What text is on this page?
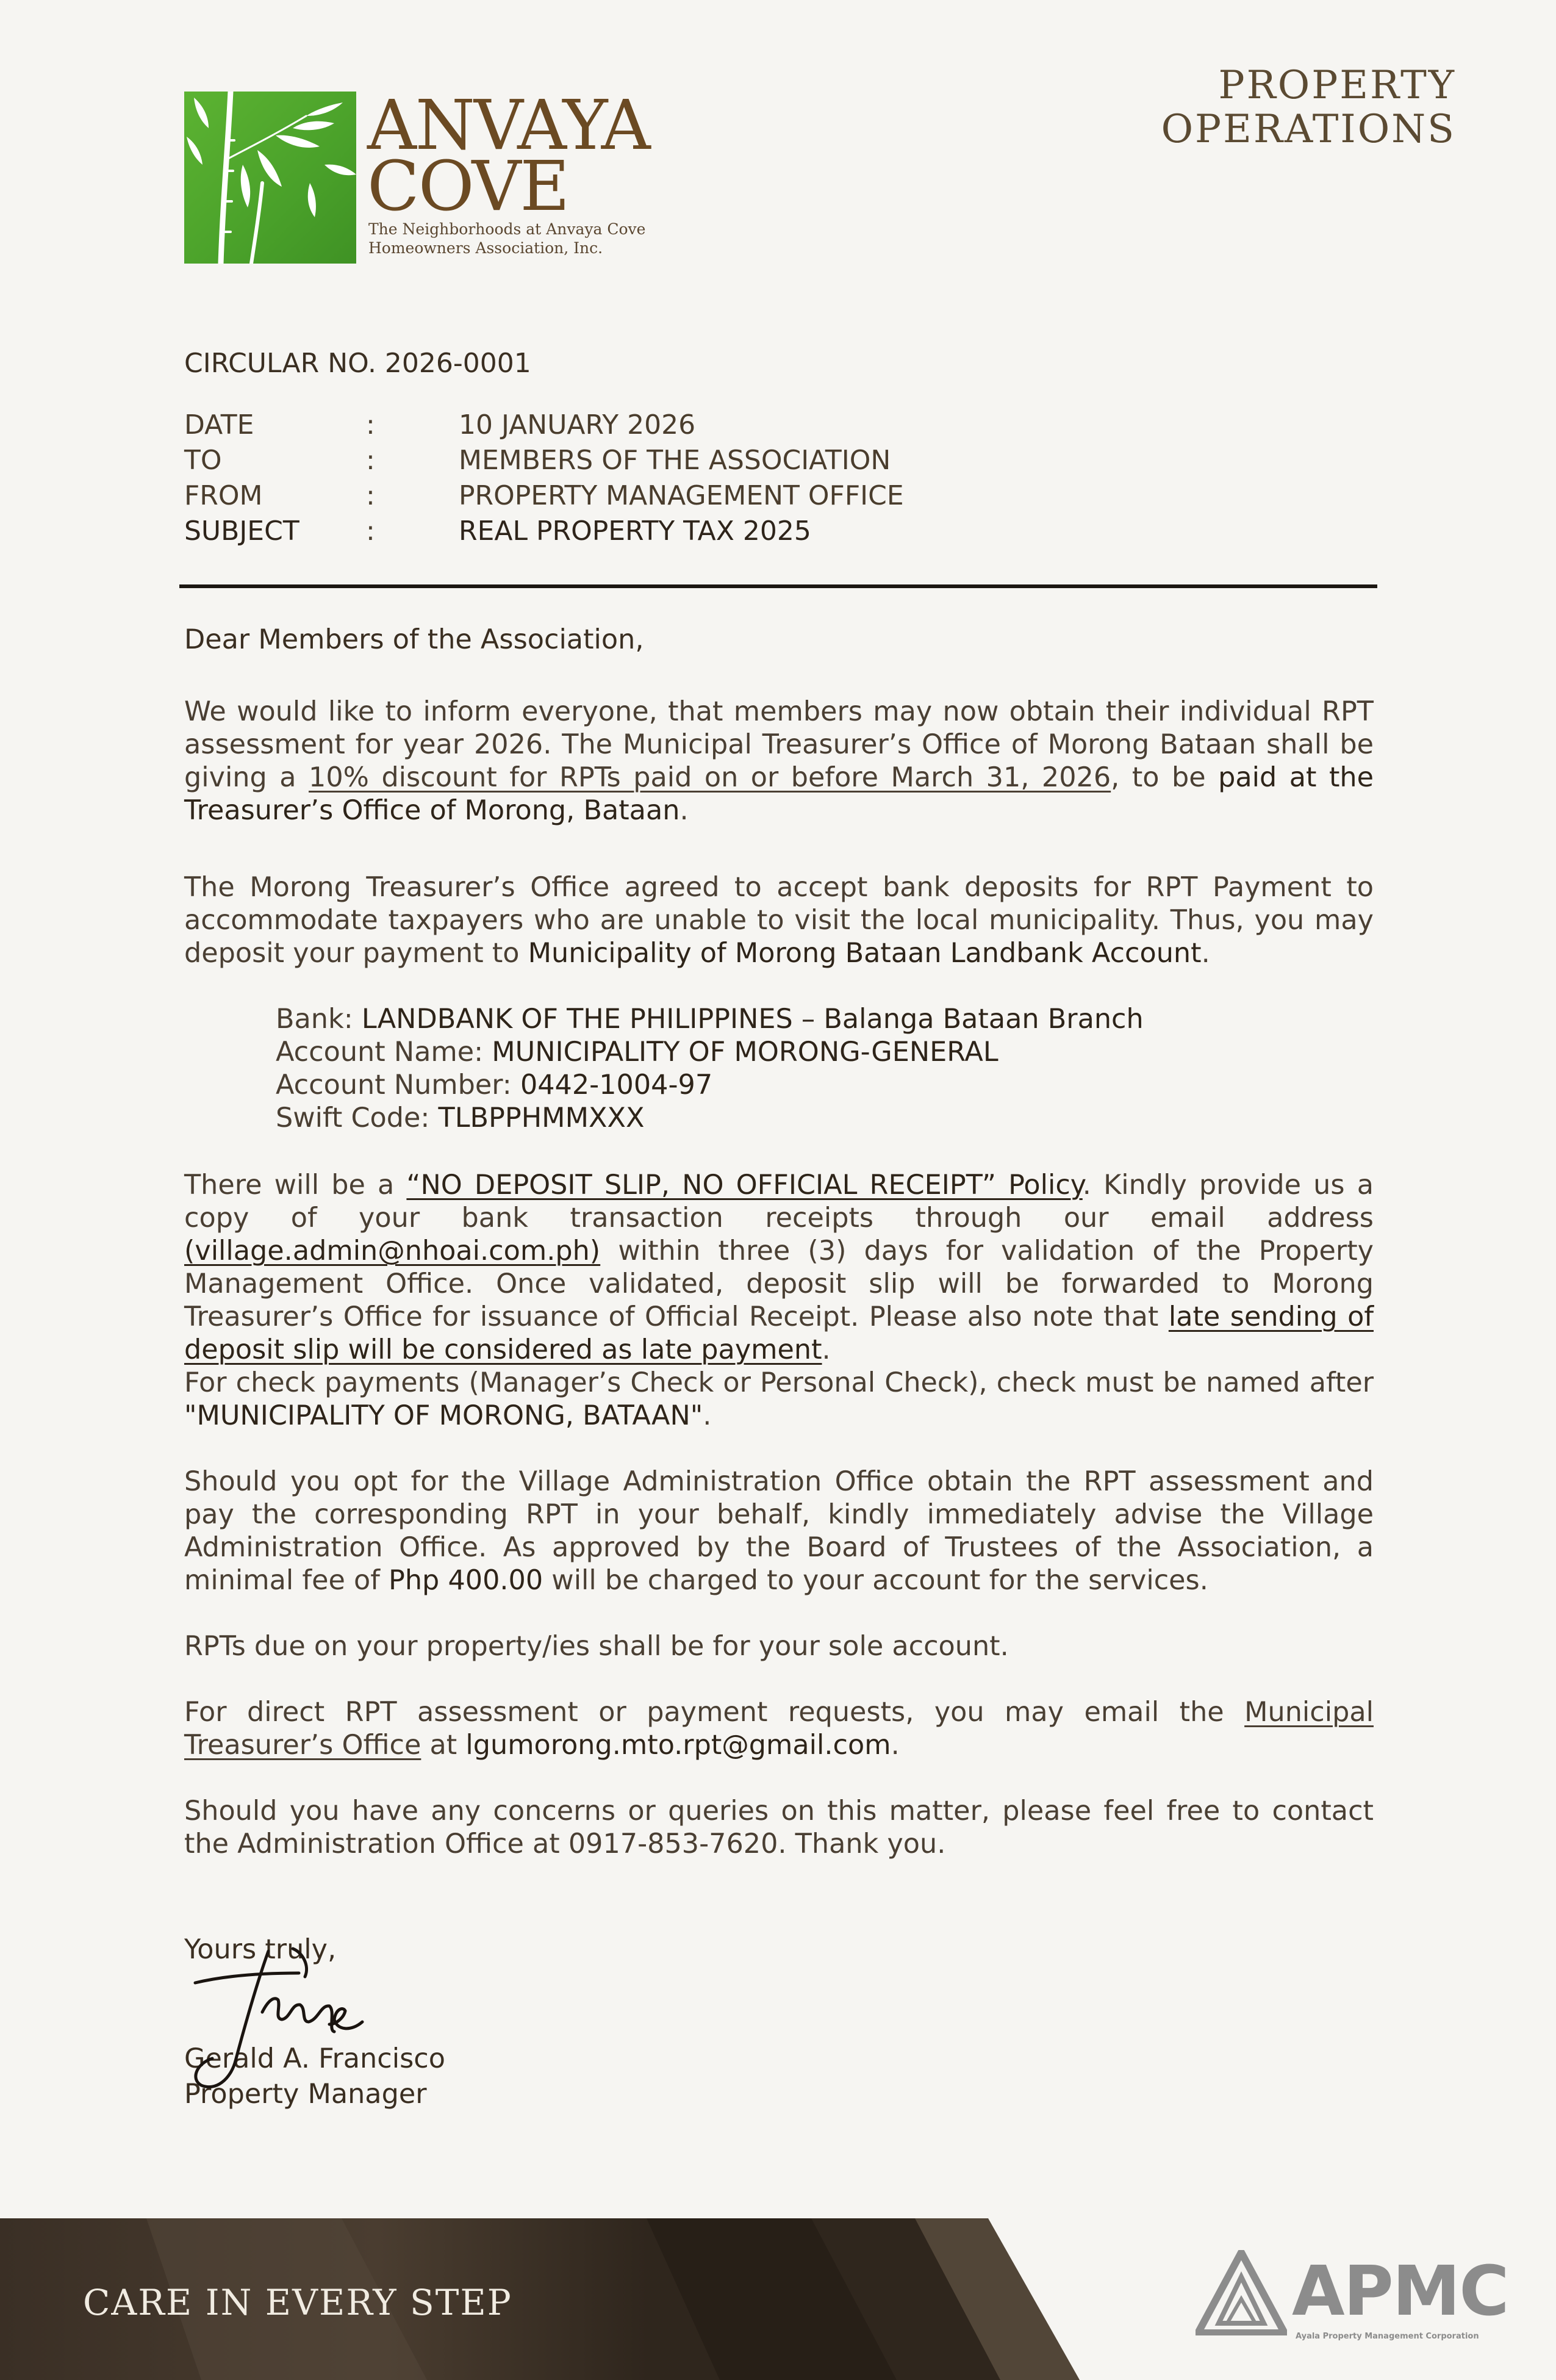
ANVAYA
COVE
The Neighborhoods at Anvaya Cove
Homeowners Association, Inc.
PROPERTY
OPERATIONS
CIRCULAR NO. 2026-0001
DATE	:	10 JANUARY 2026
TO	:	MEMBERS OF THE ASSOCIATION
FROM	:	PROPERTY MANAGEMENT OFFICE
SUBJECT :	REAL PROPERTY TAX 2025
Dear Members of the Association,
We would like to inform everyone, that members may now obtain their individual RPT assessment for year 2026. The Municipal Treasurer’s Office of Morong Bataan shall be giving a 10% discount for RPTs paid on or before March 31, 2026, to be paid at the Treasurer’s Office of Morong, Bataan.
The Morong Treasurer’s Office agreed to accept bank deposits for RPT Payment to accommodate taxpayers who are unable to visit the local municipality. Thus, you may deposit your payment to Municipality of Morong Bataan Landbank Account.
Bank: LANDBANK OF THE PHILIPPINES – Balanga Bataan Branch
Account Name: MUNICIPALITY OF MORONG-GENERAL
Account Number: 0442-1004-97
Swift Code: TLBPPHMMXXX
There will be a “NO DEPOSIT SLIP, NO OFFICIAL RECEIPT” Policy. Kindly provide us a copy of your bank transaction receipts through our email address (village.admin@nhoai.com.ph) within three (3) days for validation of the Property Management Office. Once validated, deposit slip will be forwarded to Morong Treasurer’s Office for issuance of Official Receipt. Please also note that late sending of deposit slip will be considered as late payment.
For check payments (Manager’s Check or Personal Check), check must be named after "MUNICIPALITY OF MORONG, BATAAN".
Should you opt for the Village Administration Office obtain the RPT assessment and pay the corresponding RPT in your behalf, kindly immediately advise the Village Administration Office. As approved by the Board of Trustees of the Association, a minimal fee of Php 400.00 will be charged to your account for the services.
RPTs due on your property/ies shall be for your sole account.
For direct RPT assessment or payment requests, you may email the Municipal Treasurer’s Office at lgumorong.mto.rpt@gmail.com.
Should you have any concerns or queries on this matter, please feel free to contact the Administration Office at 0917-853-7620. Thank you.
Yours truly,
Gerald A. Francisco
Property Manager
CARE IN EVERY STEP	APMC
Ayala Property Management Corporation
